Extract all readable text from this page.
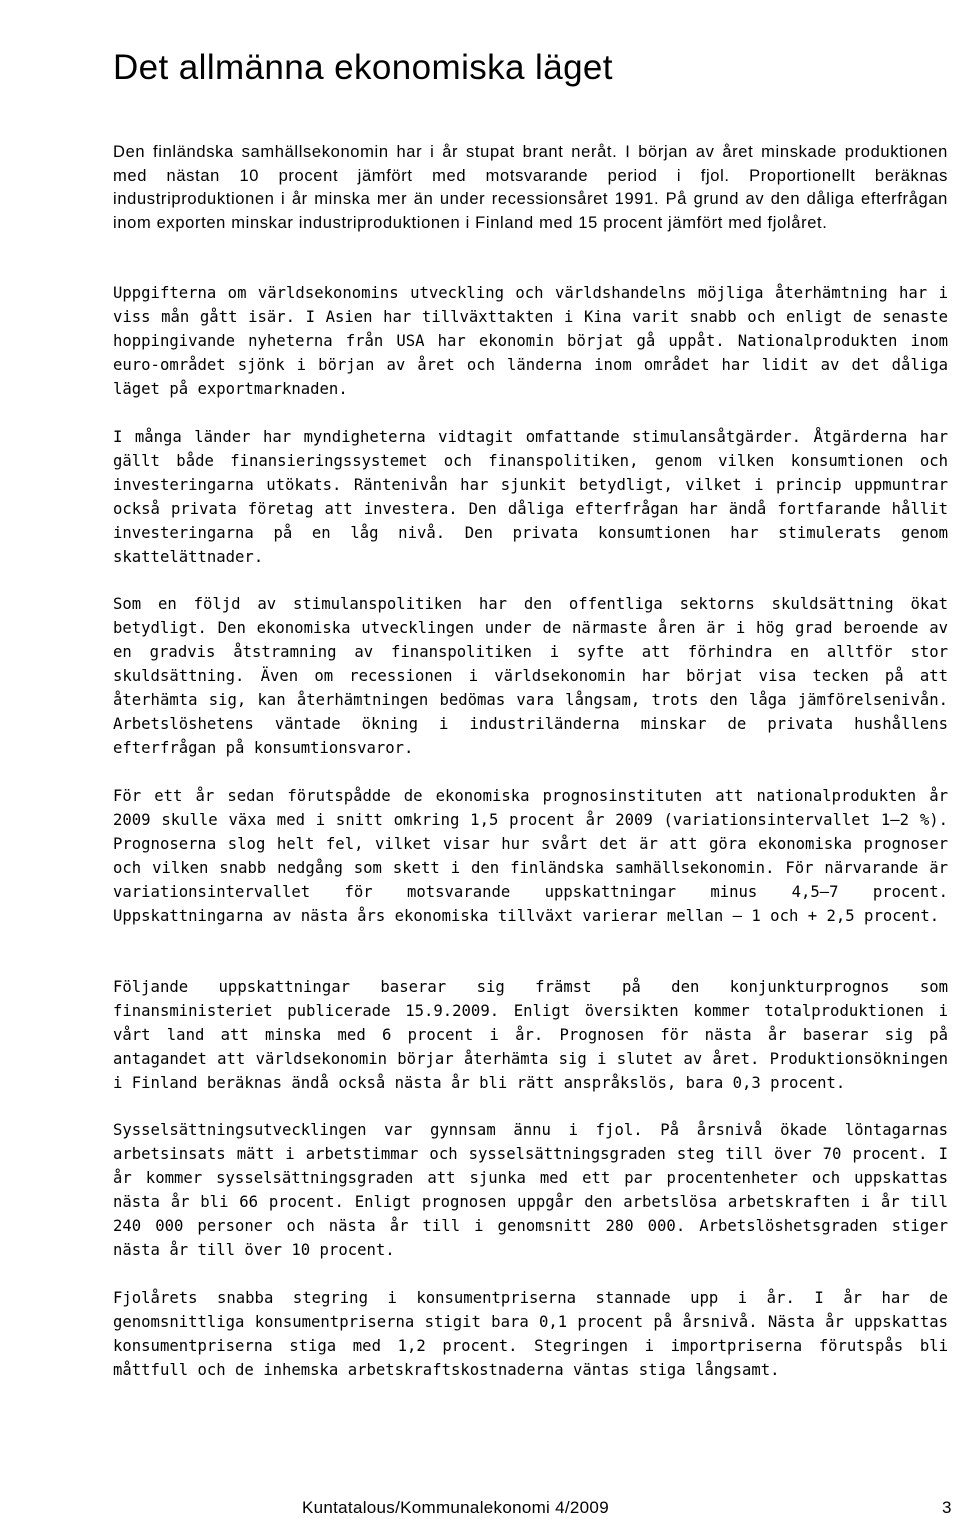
Det allmänna ekonomiska läget

Den finländska samhällsekonomin har i år stupat brant neråt. I början av året minskade produktionen med nästan 10 procent jämfört med motsvarande period i fjol. Proportionellt beräknas industriproduktionen i år minska mer än under recessionsåret 1991. På grund av den dåliga efterfrågan inom exporten minskar industriproduktionen i Finland med 15 procent jämfört med fjolåret.

Uppgifterna om världsekonomins utveckling och världshandelns möjliga återhämtning har i viss mån gått isär. I Asien har tillväxttakten i Kina varit snabb och enligt de senaste hoppingivande nyheterna från USA har ekonomin börjat gå uppåt. Nationalprodukten inom euro-området sjönk i början av året och länderna inom området har lidit av det dåliga läget på exportmarknaden.

I många länder har myndigheterna vidtagit omfattande stimulansåtgärder. Åtgärderna har gällt både finansieringssystemet och finanspolitiken, genom vilken konsumtionen och investeringarna utökats. Räntenivån har sjunkit betydligt, vilket i princip uppmuntrar också privata företag att investera. Den dåliga efterfrågan har ändå fortfarande hållit investeringarna på en låg nivå. Den privata konsumtionen har stimulerats genom skattelättnader.

Som en följd av stimulanspolitiken har den offentliga sektorns skuldsättning ökat betydligt. Den ekonomiska utvecklingen under de närmaste åren är i hög grad beroende av en gradvis åtstramning av finanspolitiken i syfte att förhindra en alltför stor skuldsättning. Även om recessionen i världsekonomin har börjat visa tecken på att återhämta sig, kan återhämtningen bedömas vara långsam, trots den låga jämförelsenivån. Arbetslöshetens väntade ökning i industriländerna minskar de privata hushållens efterfrågan på konsumtionsvaror.

För ett år sedan förutspådde de ekonomiska prognosinstituten att nationalprodukten år 2009 skulle växa med i snitt omkring 1,5 procent år 2009 (variationsintervallet 1—2 %). Prognoserna slog helt fel, vilket visar hur svårt det är att göra ekonomiska prognoser och vilken snabb nedgång som skett i den finländska samhällsekonomin. För närvarande är variationsintervallet för motsvarande uppskattningar minus 4,5—7 procent. Uppskattningarna av nästa års ekonomiska tillväxt varierar mellan — 1 och + 2,5 procent.

Följande uppskattningar baserar sig främst på den konjunkturprognos som finansministeriet publicerade 15.9.2009. Enligt översikten kommer totalproduktionen i vårt land att minska med 6 procent i år. Prognosen för nästa år baserar sig på antagandet att världsekonomin börjar återhämta sig i slutet av året. Produktionsökningen i Finland beräknas ändå också nästa år bli rätt anspråkslös, bara 0,3 procent.

Sysselsättningsutvecklingen var gynnsam ännu i fjol. På årsnivå ökade löntagarnas arbetsinsats mätt i arbetstimmar och sysselsättningsgraden steg till över 70 procent. I år kommer sysselsättningsgraden att sjunka med ett par procentenheter och uppskattas nästa år bli 66 procent. Enligt prognosen uppgår den arbetslösa arbetskraften i år till 240 000 personer och nästa år till i genomsnitt 280 000. Arbetslöshetsgraden stiger nästa år till över 10 procent.

Fjolårets snabba stegring i konsumentpriserna stannade upp i år. I år har de genomsnittliga konsumentpriserna stigit bara 0,1 procent på årsnivå. Nästa år uppskattas konsumentpriserna stiga med 1,2 procent. Stegringen i importpriserna förutspås bli måttfull och de inhemska arbetskraftskostnaderna väntas stiga långsamt.

Kuntatalous/Kommunalekonomi 4/2009	3
